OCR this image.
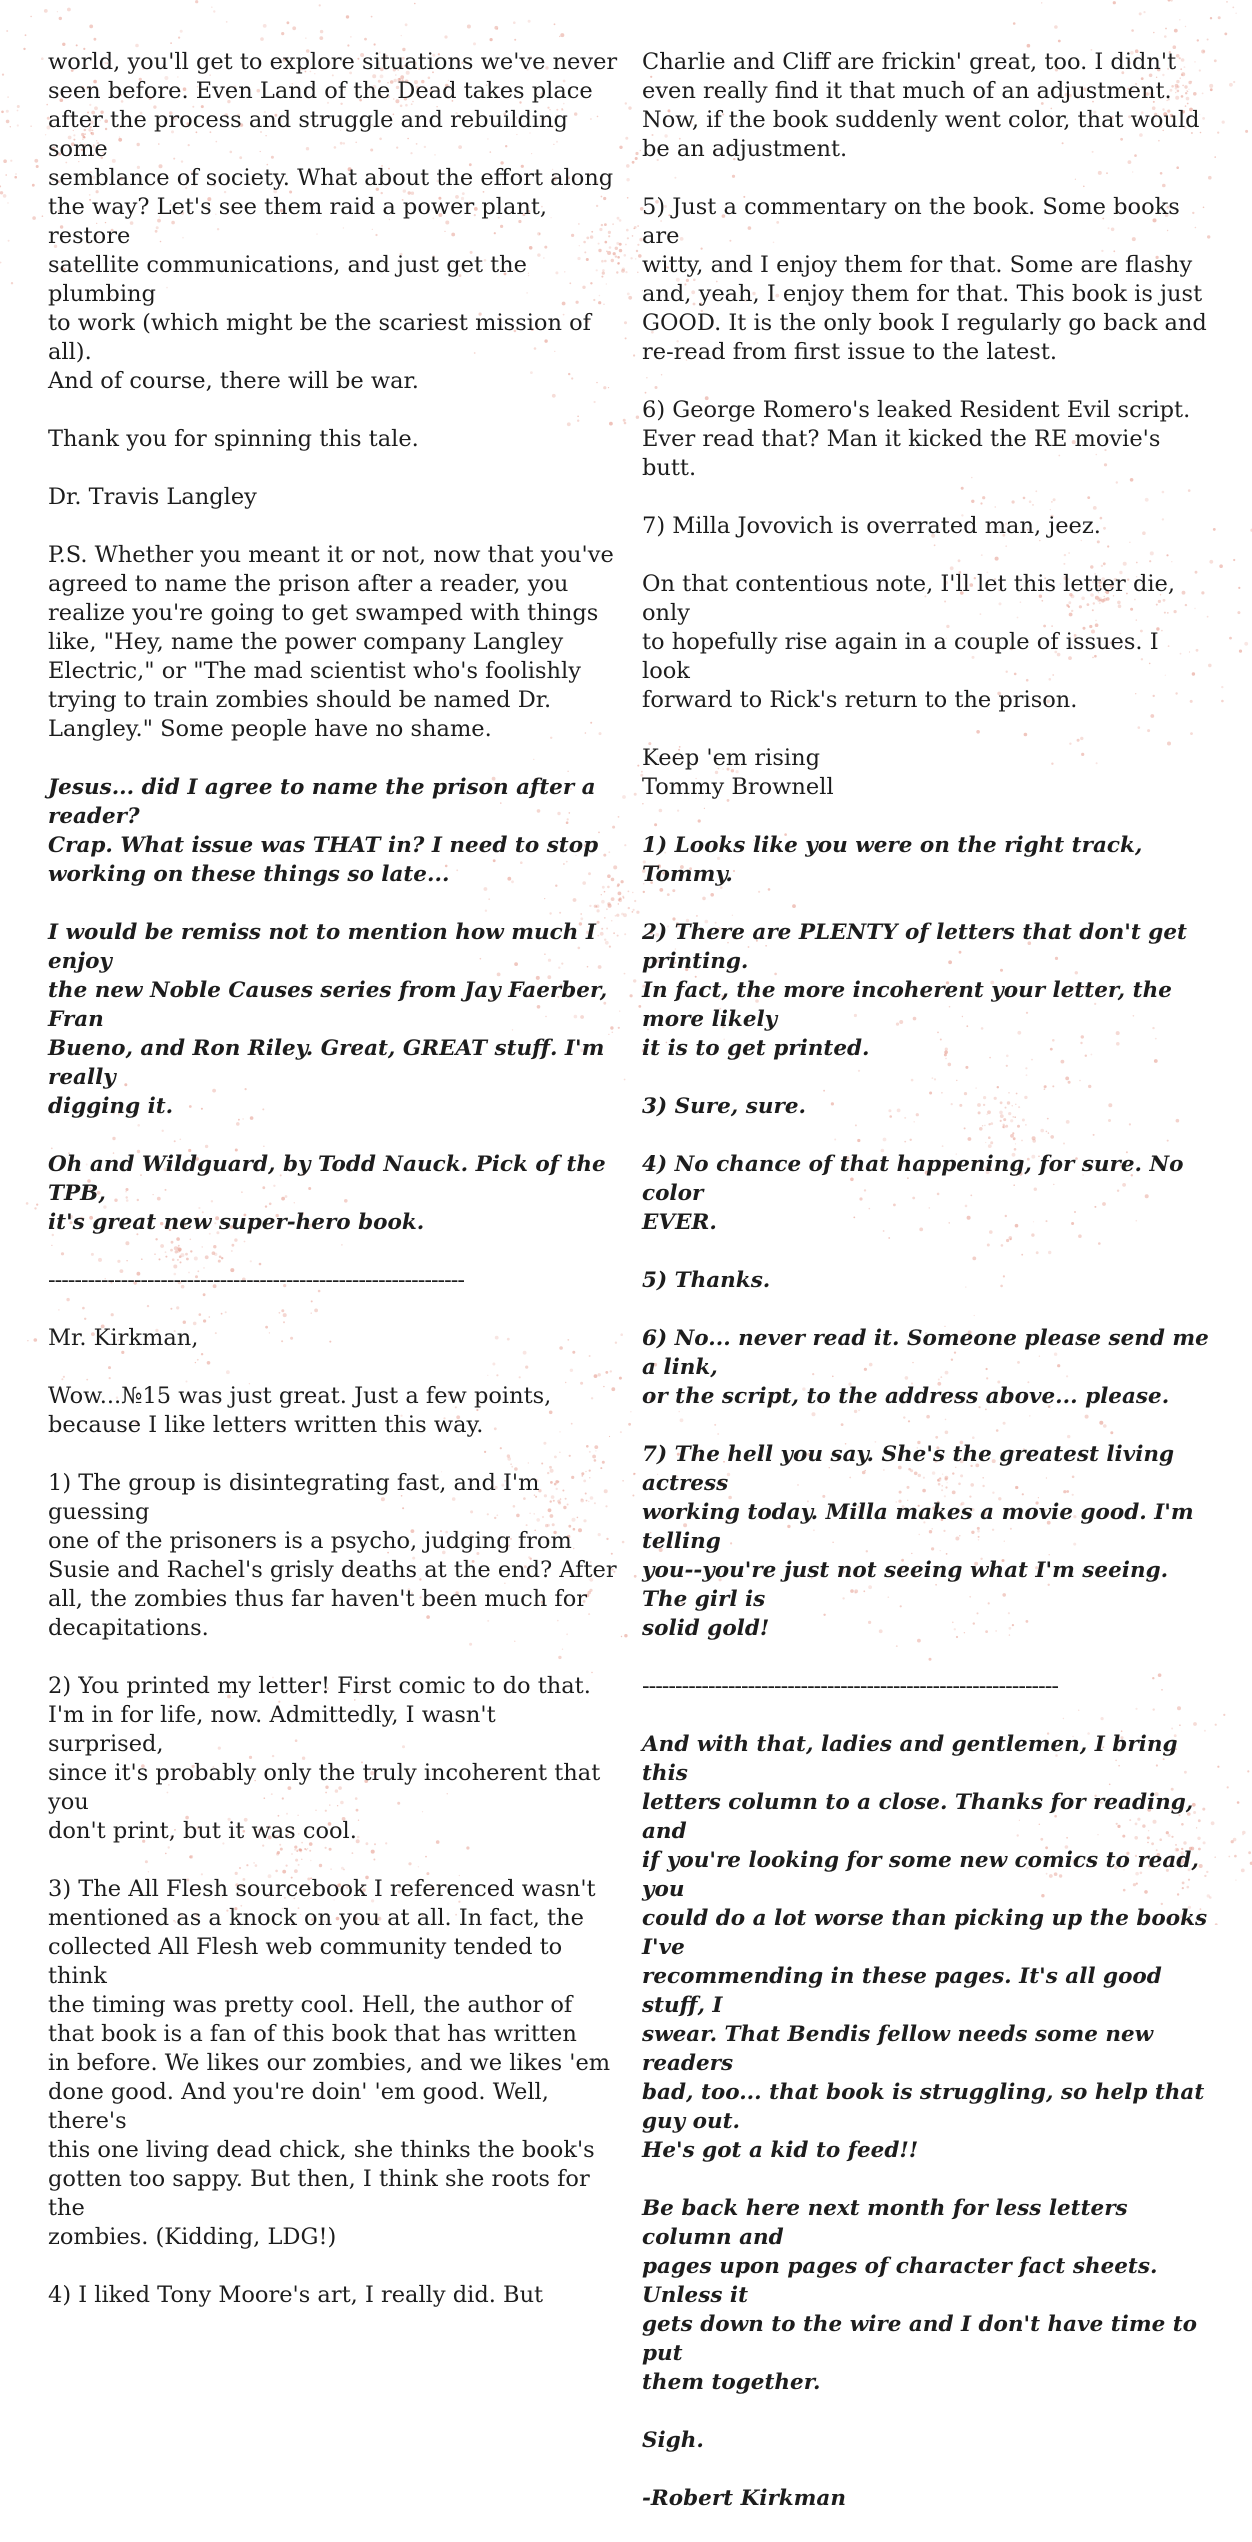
world, you'll get to explore situations we've never
seen before. Even Land of the Dead takes place
after the process and struggle and rebuilding some
semblance of society. What about the effort along
the way? Let's see them raid a power plant, restore
satellite communications, and just get the plumbing
to work (which might be the scariest mission of all).
And of course, there will be war.

Thank you for spinning this tale.

Dr. Travis Langley

P.S. Whether you meant it or not, now that you've
agreed to name the prison after a reader, you
realize you're going to get swamped with things
like, "Hey, name the power company Langley
Electric," or "The mad scientist who's foolishly
trying to train zombies should be named Dr.
Langley." Some people have no shame.

Jesus... did I agree to name the prison after a reader?
Crap. What issue was THAT in? I need to stop
working on these things so late...

I would be remiss not to mention how much I enjoy
the new Noble Causes series from Jay Faerber, Fran
Bueno, and Ron Riley. Great, GREAT stuff. I'm really
digging it.

Oh and Wildguard, by Todd Nauck. Pick of the TPB,
it's great new super-hero book.

---------------------------------------------------------------

Mr. Kirkman,

Wow...№15 was just great. Just a few points,
because I like letters written this way.

1) The group is disintegrating fast, and I'm guessing
one of the prisoners is a psycho, judging from
Susie and Rachel's grisly deaths at the end? After
all, the zombies thus far haven't been much for
decapitations.

2) You printed my letter! First comic to do that.
I'm in for life, now. Admittedly, I wasn't surprised,
since it's probably only the truly incoherent that you
don't print, but it was cool.

3) The All Flesh sourcebook I referenced wasn't
mentioned as a knock on you at all. In fact, the
collected All Flesh web community tended to think
the timing was pretty cool. Hell, the author of
that book is a fan of this book that has written
in before. We likes our zombies, and we likes 'em
done good. And you're doin' 'em good. Well, there's
this one living dead chick, she thinks the book's
gotten too sappy. But then, I think she roots for the
zombies. (Kidding, LDG!)

4) I liked Tony Moore's art, I really did. But

Charlie and Cliff are frickin' great, too. I didn't
even really find it that much of an adjustment.
Now, if the book suddenly went color, that would
be an adjustment.

5) Just a commentary on the book. Some books are
witty, and I enjoy them for that. Some are flashy
and, yeah, I enjoy them for that. This book is just
GOOD. It is the only book I regularly go back and
re-read from first issue to the latest.

6) George Romero's leaked Resident Evil script.
Ever read that? Man it kicked the RE movie's butt.

7) Milla Jovovich is overrated man, jeez.

On that contentious note, I'll let this letter die, only
to hopefully rise again in a couple of issues. I look
forward to Rick's return to the prison.

Keep 'em rising
Tommy Brownell

1) Looks like you were on the right track, Tommy.

2) There are PLENTY of letters that don't get printing.
In fact, the more incoherent your letter, the more likely
it is to get printed.

3) Sure, sure.

4) No chance of that happening, for sure. No color
EVER.

5) Thanks.

6) No... never read it. Someone please send me a link,
or the script, to the address above... please.

7) The hell you say. She's the greatest living actress
working today. Milla makes a movie good. I'm telling
you--you're just not seeing what I'm seeing. The girl is
solid gold!

---------------------------------------------------------------

And with that, ladies and gentlemen, I bring this
letters column to a close. Thanks for reading, and
if you're looking for some new comics to read, you
could do a lot worse than picking up the books I've
recommending in these pages. It's all good stuff, I
swear. That Bendis fellow needs some new readers
bad, too... that book is struggling, so help that guy out.
He's got a kid to feed!!

Be back here next month for less letters column and
pages upon pages of character fact sheets. Unless it
gets down to the wire and I don't have time to put
them together.

Sigh.

-Robert Kirkman
